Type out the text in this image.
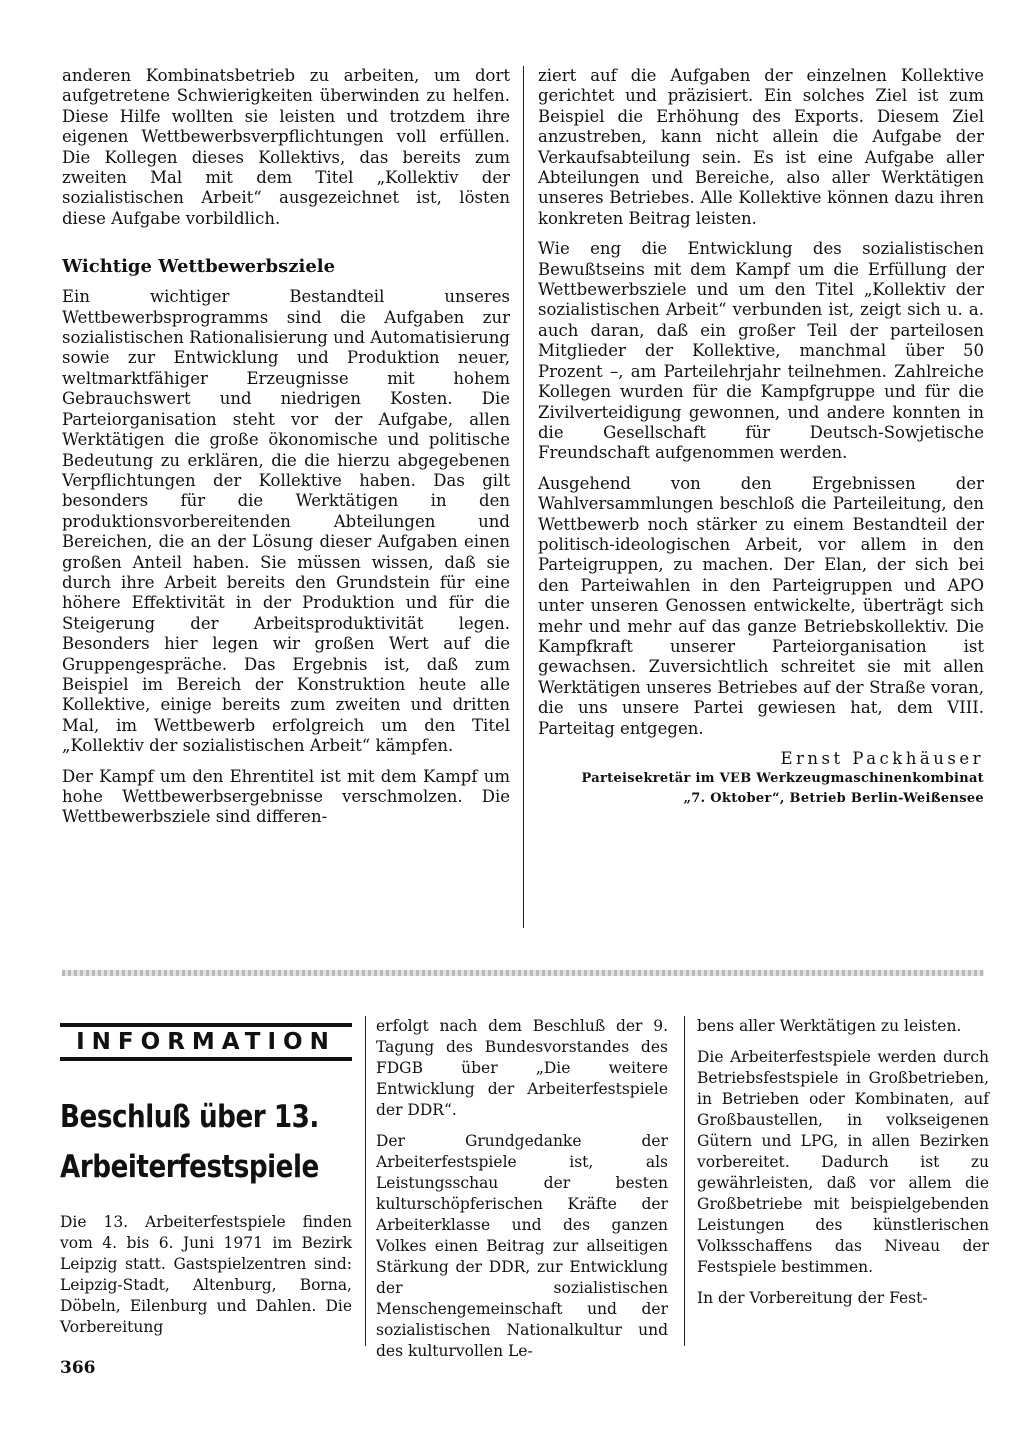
anderen Kombinatsbetrieb zu arbeiten, um dort aufgetretene Schwierigkeiten überwinden zu helfen. Diese Hilfe wollten sie leisten und trotzdem ihre eigenen Wettbewerbsverpflichtungen voll erfüllen. Die Kollegen dieses Kollektivs, das bereits zum zweiten Mal mit dem Titel „Kollektiv der sozialistischen Arbeit“ ausgezeichnet ist, lösten diese Aufgabe vorbildlich.

Wichtige Wettbewerbsziele

Ein wichtiger Bestandteil unseres Wettbewerbsprogramms sind die Aufgaben zur sozialistischen Rationalisierung und Automatisierung sowie zur Entwicklung und Produktion neuer, weltmarktfähiger Erzeugnisse mit hohem Gebrauchswert und niedrigen Kosten. Die Parteiorganisation steht vor der Aufgabe, allen Werktätigen die große ökonomische und politische Bedeutung zu erklären, die die hierzu abgegebenen Verpflichtungen der Kollektive haben. Das gilt besonders für die Werktätigen in den produktionsvorbereitenden Abteilungen und Bereichen, die an der Lösung dieser Aufgaben einen großen Anteil haben. Sie müssen wissen, daß sie durch ihre Arbeit bereits den Grundstein für eine höhere Effektivität in der Produktion und für die Steigerung der Arbeitsproduktivität legen. Besonders hier legen wir großen Wert auf die Gruppengespräche. Das Ergebnis ist, daß zum Beispiel im Bereich der Konstruktion heute alle Kollektive, einige bereits zum zweiten und dritten Mal, im Wettbewerb erfolgreich um den Titel „Kollektiv der sozialistischen Arbeit“ kämpfen.

Der Kampf um den Ehrentitel ist mit dem Kampf um hohe Wettbewerbsergebnisse verschmolzen. Die Wettbewerbsziele sind differen-

ziert auf die Aufgaben der einzelnen Kollektive gerichtet und präzisiert. Ein solches Ziel ist zum Beispiel die Erhöhung des Exports. Diesem Ziel anzustreben, kann nicht allein die Aufgabe der Verkaufsabteilung sein. Es ist eine Aufgabe aller Abteilungen und Bereiche, also aller Werktätigen unseres Betriebes. Alle Kollektive können dazu ihren konkreten Beitrag leisten.

Wie eng die Entwicklung des sozialistischen Bewußtseins mit dem Kampf um die Erfüllung der Wettbewerbsziele und um den Titel „Kollektiv der sozialistischen Arbeit“ verbunden ist, zeigt sich u. a. auch daran, daß ein großer Teil der parteilosen Mitglieder der Kollektive, manchmal über 50 Prozent –, am Parteilehrjahr teilnehmen. Zahlreiche Kollegen wurden für die Kampfgruppe und für die Zivilverteidigung gewonnen, und andere konnten in die Gesellschaft für Deutsch-Sowjetische Freundschaft aufgenommen werden.

Ausgehend von den Ergebnissen der Wahlversammlungen beschloß die Parteileitung, den Wettbewerb noch stärker zu einem Bestandteil der politisch-ideologischen Arbeit, vor allem in den Parteigruppen, zu machen. Der Elan, der sich bei den Parteiwahlen in den Parteigruppen und APO unter unseren Genossen entwickelte, überträgt sich mehr und mehr auf das ganze Betriebskollektiv. Die Kampfkraft unserer Parteiorganisation ist gewachsen. Zuversichtlich schreitet sie mit allen Werktätigen unseres Betriebes auf der Straße voran, die uns unsere Partei gewiesen hat, dem VIII. Parteitag entgegen.

Ernst Packhäuser
Parteisekretär im VEB Werkzeugmaschinenkombinat
„7. Oktober“, Betrieb Berlin-Weißensee
INFORMATION
Beschluß über 13.
Arbeiterfestspiele

Die 13. Arbeiterfestspiele finden vom 4. bis 6. Juni 1971 im Bezirk Leipzig statt. Gastspielzentren sind: Leipzig-Stadt, Altenburg, Borna, Döbeln, Eilenburg und Dahlen. Die Vorbereitung

erfolgt nach dem Beschluß der 9. Tagung des Bundesvorstandes des FDGB über „Die weitere Entwicklung der Arbeiterfestspiele der DDR“.

Der Grundgedanke der Arbeiterfestspiele ist, als Leistungsschau der besten kulturschöpferischen Kräfte der Arbeiterklasse und des ganzen Volkes einen Beitrag zur allseitigen Stärkung der DDR, zur Entwicklung der sozialistischen Menschengemeinschaft und der sozialistischen Nationalkultur und des kulturvollen Le-

bens aller Werktätigen zu leisten.

Die Arbeiterfestspiele werden durch Betriebsfestspiele in Großbetrieben, in Betrieben oder Kombinaten, auf Großbaustellen, in volkseigenen Gütern und LPG, in allen Bezirken vorbereitet. Dadurch ist zu gewährleisten, daß vor allem die Großbetriebe mit beispielgebenden Leistungen des künstlerischen Volksschaffens das Niveau der Festspiele bestimmen.

In der Vorbereitung der Fest-

366
